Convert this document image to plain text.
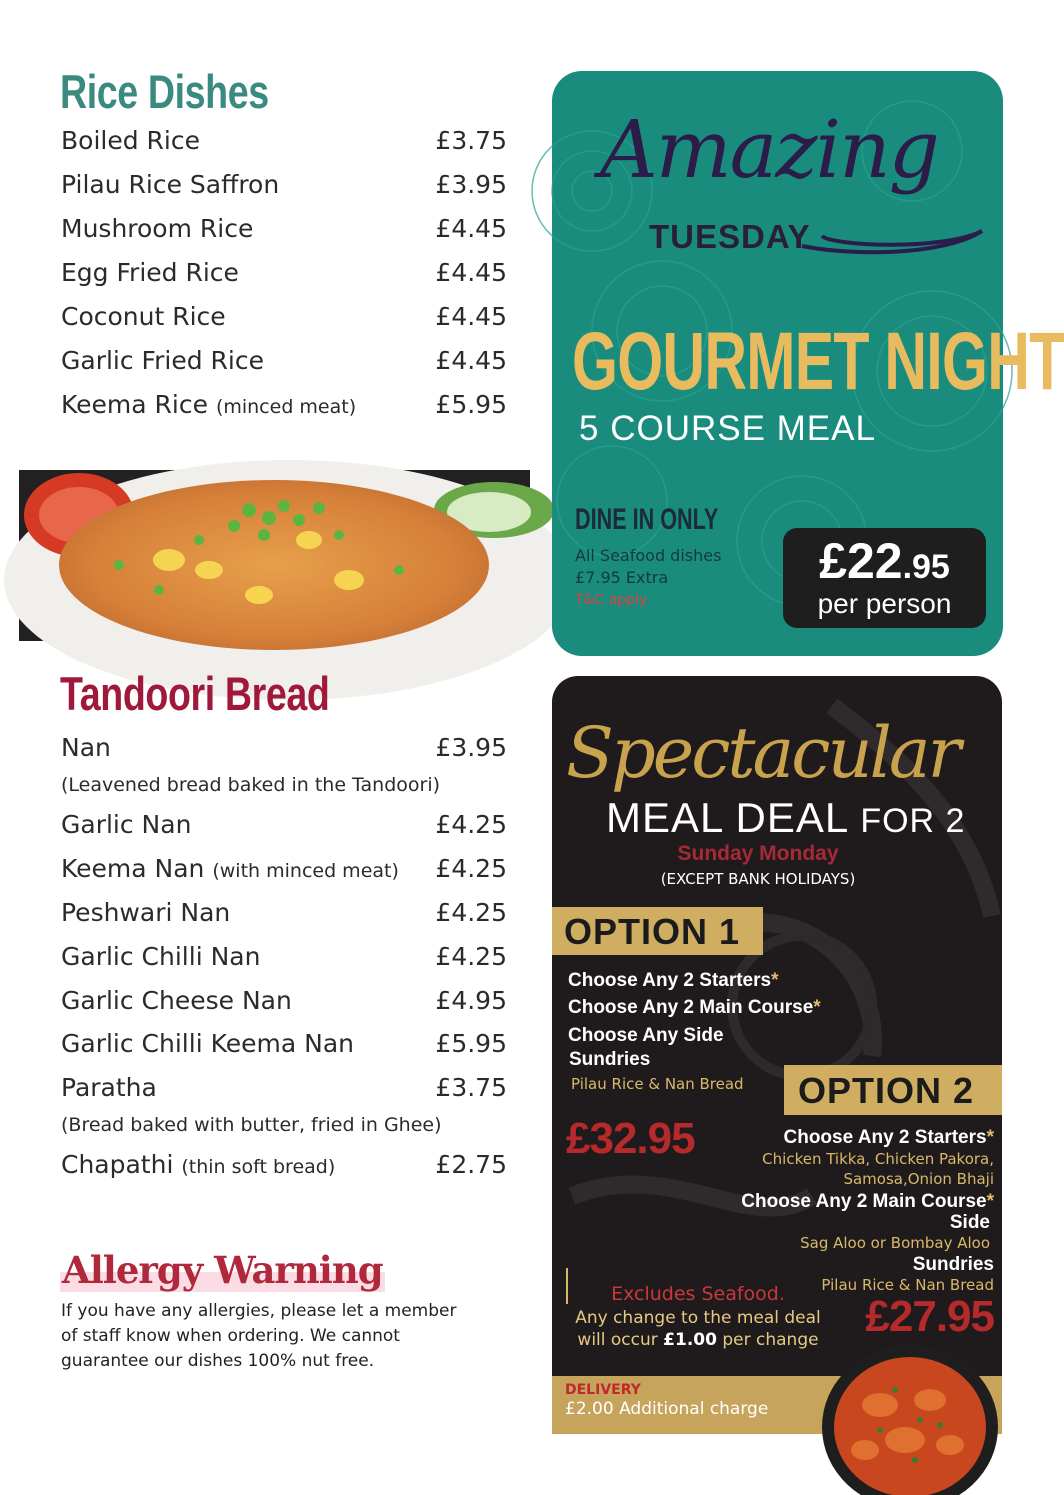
Rice Dishes
Boiled Rice	£3.75
Pilau Rice Saffron	£3.95
Mushroom Rice	£4.45
Egg Fried Rice	£4.45
Coconut Rice	£4.45
Garlic Fried Rice	£4.45
Keema Rice (minced meat)	£5.95
Tandoori Bread
Nan	£3.95
(Leavened bread baked in the Tandoori)
Garlic Nan	£4.25
Keema Nan (with minced meat) £4.25
Peshwari Nan	£4.25
Garlic Chilli Nan	£4.25
Garlic Cheese Nan	£4.95
Garlic Chilli Keema Nan	£5.95
Paratha	£3.75
(Bread baked with butter, fried in Ghee)
Chapathi (thin soft bread)	£2.75
Allergy Warning

If you have any allergies, please let a member of staff know when ordering. We cannot guarantee our dishes 100% nut free.

Amazing
TUESDAY
GOURMET NIGHT
5 COURSE MEAL
DINE IN ONLY
All Seafood dishes
£7.95 Extra
T&C apply
£22.95
per person
Spectacular
MEAL DEAL FOR 2
Sunday Monday
(EXCEPT BANK HOLIDAYS)
OPTION 1
Choose Any 2 Starters*
Choose Any 2 Main Course*
Choose Any Side
Sundries
Pilau Rice & Nan Bread
£32.95
OPTION 2
Choose Any 2 Starters*
Chicken Tikka, Chicken Pakora,
Samosa,Onion Bhaji
Choose Any 2 Main Course*
Side
Sag Aloo or Bombay Aloo
Sundries
Pilau Rice & Nan Bread
£27.95
Excludes Seafood.
Any change to the meal deal
will occur £1.00 per change
DELIVERY
£2.00 Additional charge
